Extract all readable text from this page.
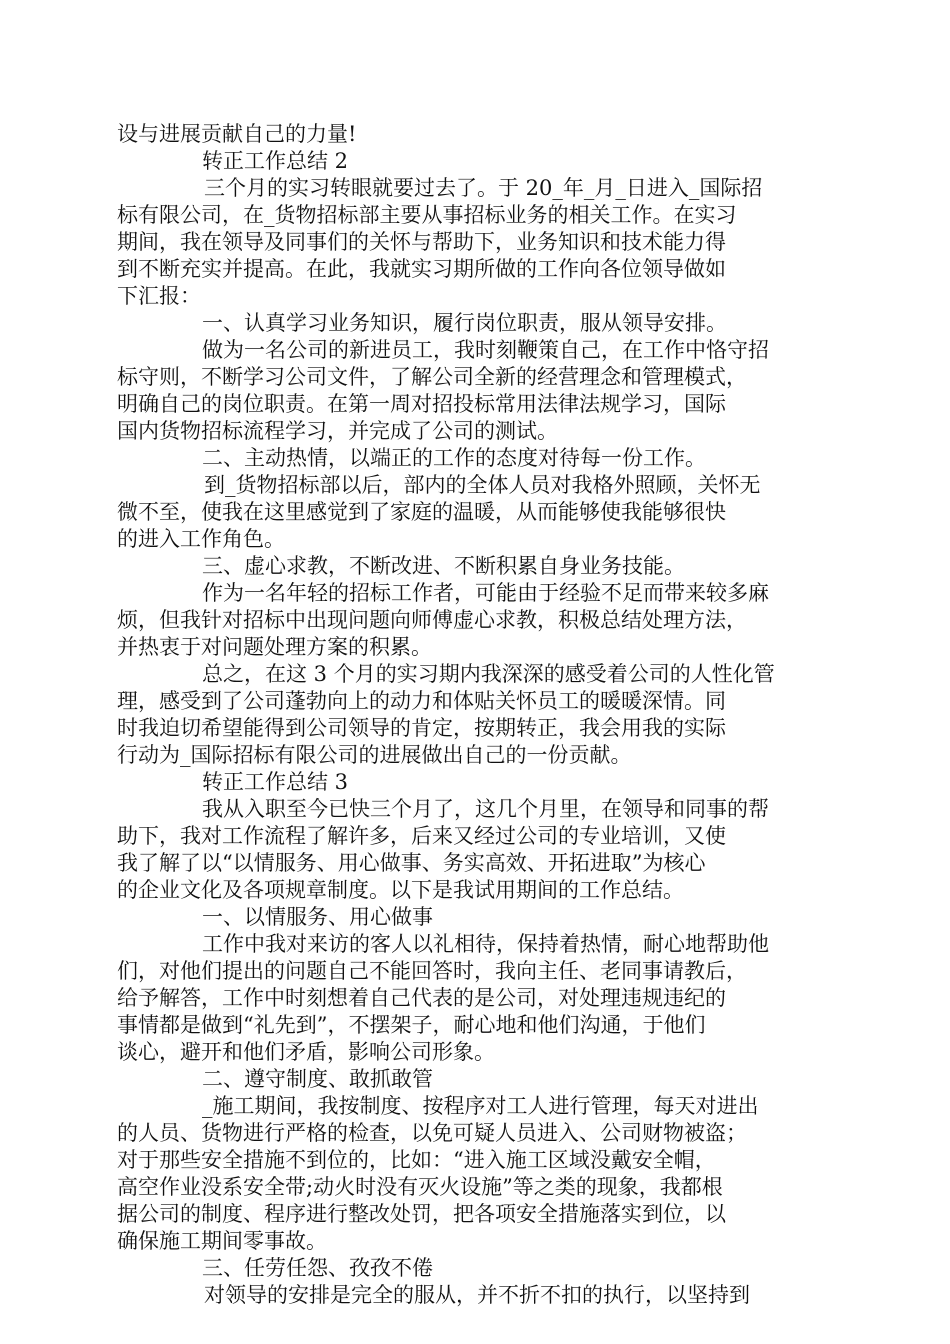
设与进展贡献自己的力量!
转正工作总结 2
三个月的实习转眼就要过去了。于 20_年_月_日进入_国际招
标有限公司，在_货物招标部主要从事招标业务的相关工作。在实习
期间，我在领导及同事们的关怀与帮助下，业务知识和技术能力得
到不断充实并提高。在此，我就实习期所做的工作向各位领导做如
下汇报：
一、认真学习业务知识，履行岗位职责，服从领导安排。
做为一名公司的新进员工，我时刻鞭策自己，在工作中恪守招
标守则，不断学习公司文件，了解公司全新的经营理念和管理模式，
明确自己的岗位职责。在第一周对招投标常用法律法规学习，国际
国内货物招标流程学习，并完成了公司的测试。
二、主动热情，以端正的工作的态度对待每一份工作。
到_货物招标部以后，部内的全体人员对我格外照顾，关怀无
微不至，使我在这里感觉到了家庭的温暖，从而能够使我能够很快
的进入工作角色。
三、虚心求教，不断改进、不断积累自身业务技能。
作为一名年轻的招标工作者，可能由于经验不足而带来较多麻
烦，但我针对招标中出现问题向师傅虚心求教，积极总结处理方法，
并热衷于对问题处理方案的积累。
总之，在这 3 个月的实习期内我深深的感受着公司的人性化管
理，感受到了公司蓬勃向上的动力和体贴关怀员工的暖暖深情。同
时我迫切希望能得到公司领导的肯定，按期转正，我会用我的实际
行动为_国际招标有限公司的进展做出自己的一份贡献。
转正工作总结 3
我从入职至今已快三个月了，这几个月里，在领导和同事的帮
助下，我对工作流程了解许多，后来又经过公司的专业培训，又使
我了解了以“以情服务、用心做事、务实高效、开拓进取”为核心
的企业文化及各项规章制度。以下是我试用期间的工作总结。
一、以情服务、用心做事
工作中我对来访的客人以礼相待，保持着热情，耐心地帮助他
们，对他们提出的问题自己不能回答时，我向主任、老同事请教后，
给予解答，工作中时刻想着自己代表的是公司，对处理违规违纪的
事情都是做到“礼先到”，不摆架子，耐心地和他们沟通，于他们
谈心，避开和他们矛盾，影响公司形象。
二、遵守制度、敢抓敢管
_施工期间，我按制度、按程序对工人进行管理，每天对进出
的人员、货物进行严格的检查，以免可疑人员进入、公司财物被盗；
对于那些安全措施不到位的，比如：“进入施工区域没戴安全帽，
高空作业没系安全带;动火时没有灭火设施”等之类的现象，我都根
据公司的制度、程序进行整改处罚，把各项安全措施落实到位，以
确保施工期间零事故。
三、任劳任怨、孜孜不倦
对领导的安排是完全的服从，并不折不扣的执行，以坚持到
